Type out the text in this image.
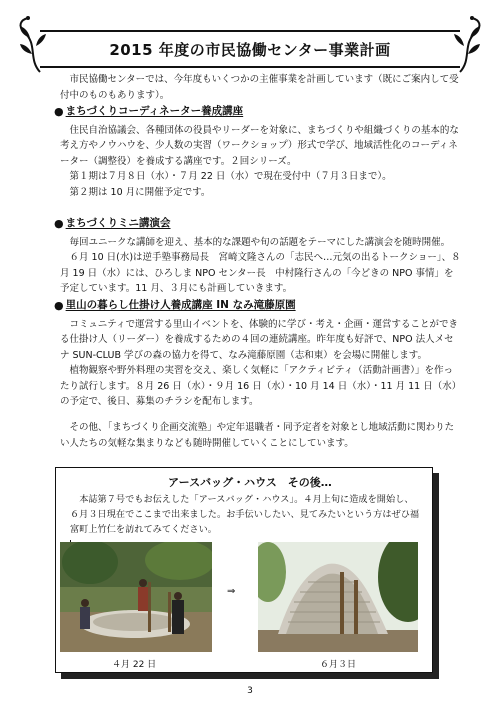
2015 年度の市民協働センター事業計画

市民協働センターでは、今年度もいくつかの主催事業を計画しています（既にご案内して受付中のものもあります）。

● まちづくりコーディネーター養成講座

住民自治協議会、各種団体の役員やリーダーを対象に、まちづくりや組織づくりの基本的な考え方やノウハウを、少人数の実習（ワークショップ）形式で学び、地域活性化のコーディネーター（調整役）を養成する講座です。２回シリーズ。

第１期は７月８日（水）・７月 22 日（水）で現在受付中（７月３日まで）。

第２期は 10 月に開催予定です。

● まちづくりミニ講演会

毎回ユニークな講師を迎え、基本的な課題や旬の話題をテーマにした講演会を随時開催。

６月 10 日(水)は逆手塾事務局長　宮崎文隆さんの「志民へ…元気の出るトークショー」、８月 19 日（水）には、ひろしま NPO センター長　中村隆行さんの「今どきの NPO 事情」を予定しています。11 月、３月にも計画していきます。

● 里山の暮らし仕掛け人養成講座 IN なみ滝藤原園

コミュニティで運営する里山イベントを、体験的に学び・考え・企画・運営することができる仕掛け人（リーダー）を養成するための４回の連続講座。昨年度も好評で、NPO 法人メセナ SUN-CLUB 学びの森の協力を得て、なみ滝藤原園（志和東）を会場に開催します。

植物観察や野外料理の実習を交え、楽しく気軽に「アクティビティ（活動計画書）」を作ったり試行します。８月 26 日（水）・９月 16 日（水）・10 月 14 日（水）・11 月 11 日（水）の予定で、後日、募集のチラシを配布します。

その他、「まちづくり企画交流塾」や定年退職者・同予定者を対象とし地域活動に関わりたい人たちの気軽な集まりなども随時開催していくことにしています。

アースバッグ・ハウス　その後…

本誌第７号でもお伝えした「アースバッグ・ハウス」。４月上旬に造成を開始し、６月３日現在でここまで出来ました。お手伝いしたい、見てみたいという方はぜひ福富町上竹仁を訪れてみてください。

⇒
４月 22 日	６月３日
3
